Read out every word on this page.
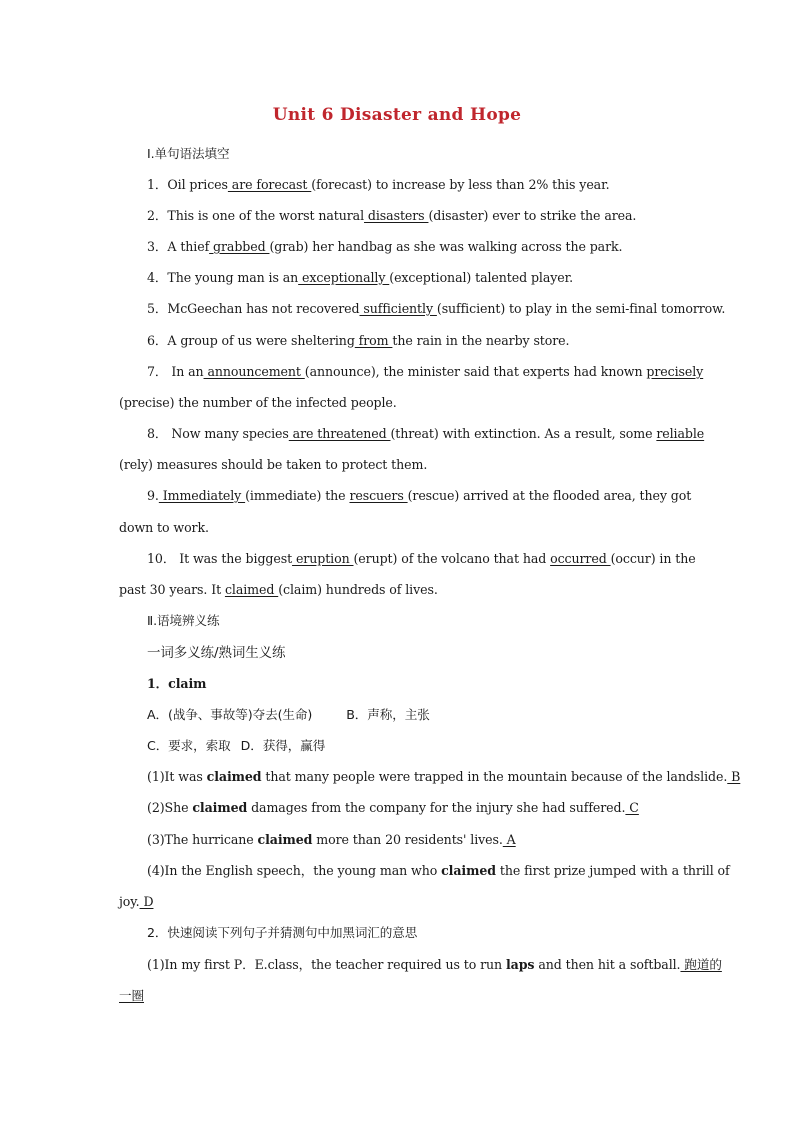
Unit 6 Disaster and Hope
Ⅰ.单句语法填空
1．Oil prices are forecast (forecast) to increase by less than 2% this year.
2．This is one of the worst natural disasters (disaster) ever to strike the area.
3．A thief grabbed (grab) her handbag as she was walking across the park.
4．The young man is an exceptionally (exceptional) talented player.
5．McGeechan has not recovered sufficiently (sufficient) to play in the semi-final tomorrow.
6．A group of us were sheltering from the rain in the nearby store.
7． In an announcement (announce), the minister said that experts had known precisely
(precise) the number of the infected people.
8． Now many species are threatened (threat) with extinction. As a result, some reliable
(rely) measures should be taken to protect them.
9. Immediately (immediate) the rescuers (rescue) arrived at the flooded area, they got
down to work.
10． It was the biggest eruption (erupt) of the volcano that had occurred (occur) in the
past 30 years. It claimed (claim) hundreds of lives.
Ⅱ.语境辨义练
一词多义练/熟词生义练
1．claim
A．(战争、事故等)夺去(生命)	B．声称，主张
C．要求，索取 D．获得，赢得
(1)It was claimed that many people were trapped in the mountain because of the landslide. B
(2)She claimed damages from the company for the injury she had suffered. C
(3)The hurricane claimed more than 20 residents' lives. A
(4)In the English speech，the young man who claimed the first prize jumped with a thrill of
joy. D
2．快速阅读下列句子并猜测句中加黑词汇的意思
(1)In my first P．E.class，the teacher required us to run laps and then hit a softball. 跑道的
一圈
